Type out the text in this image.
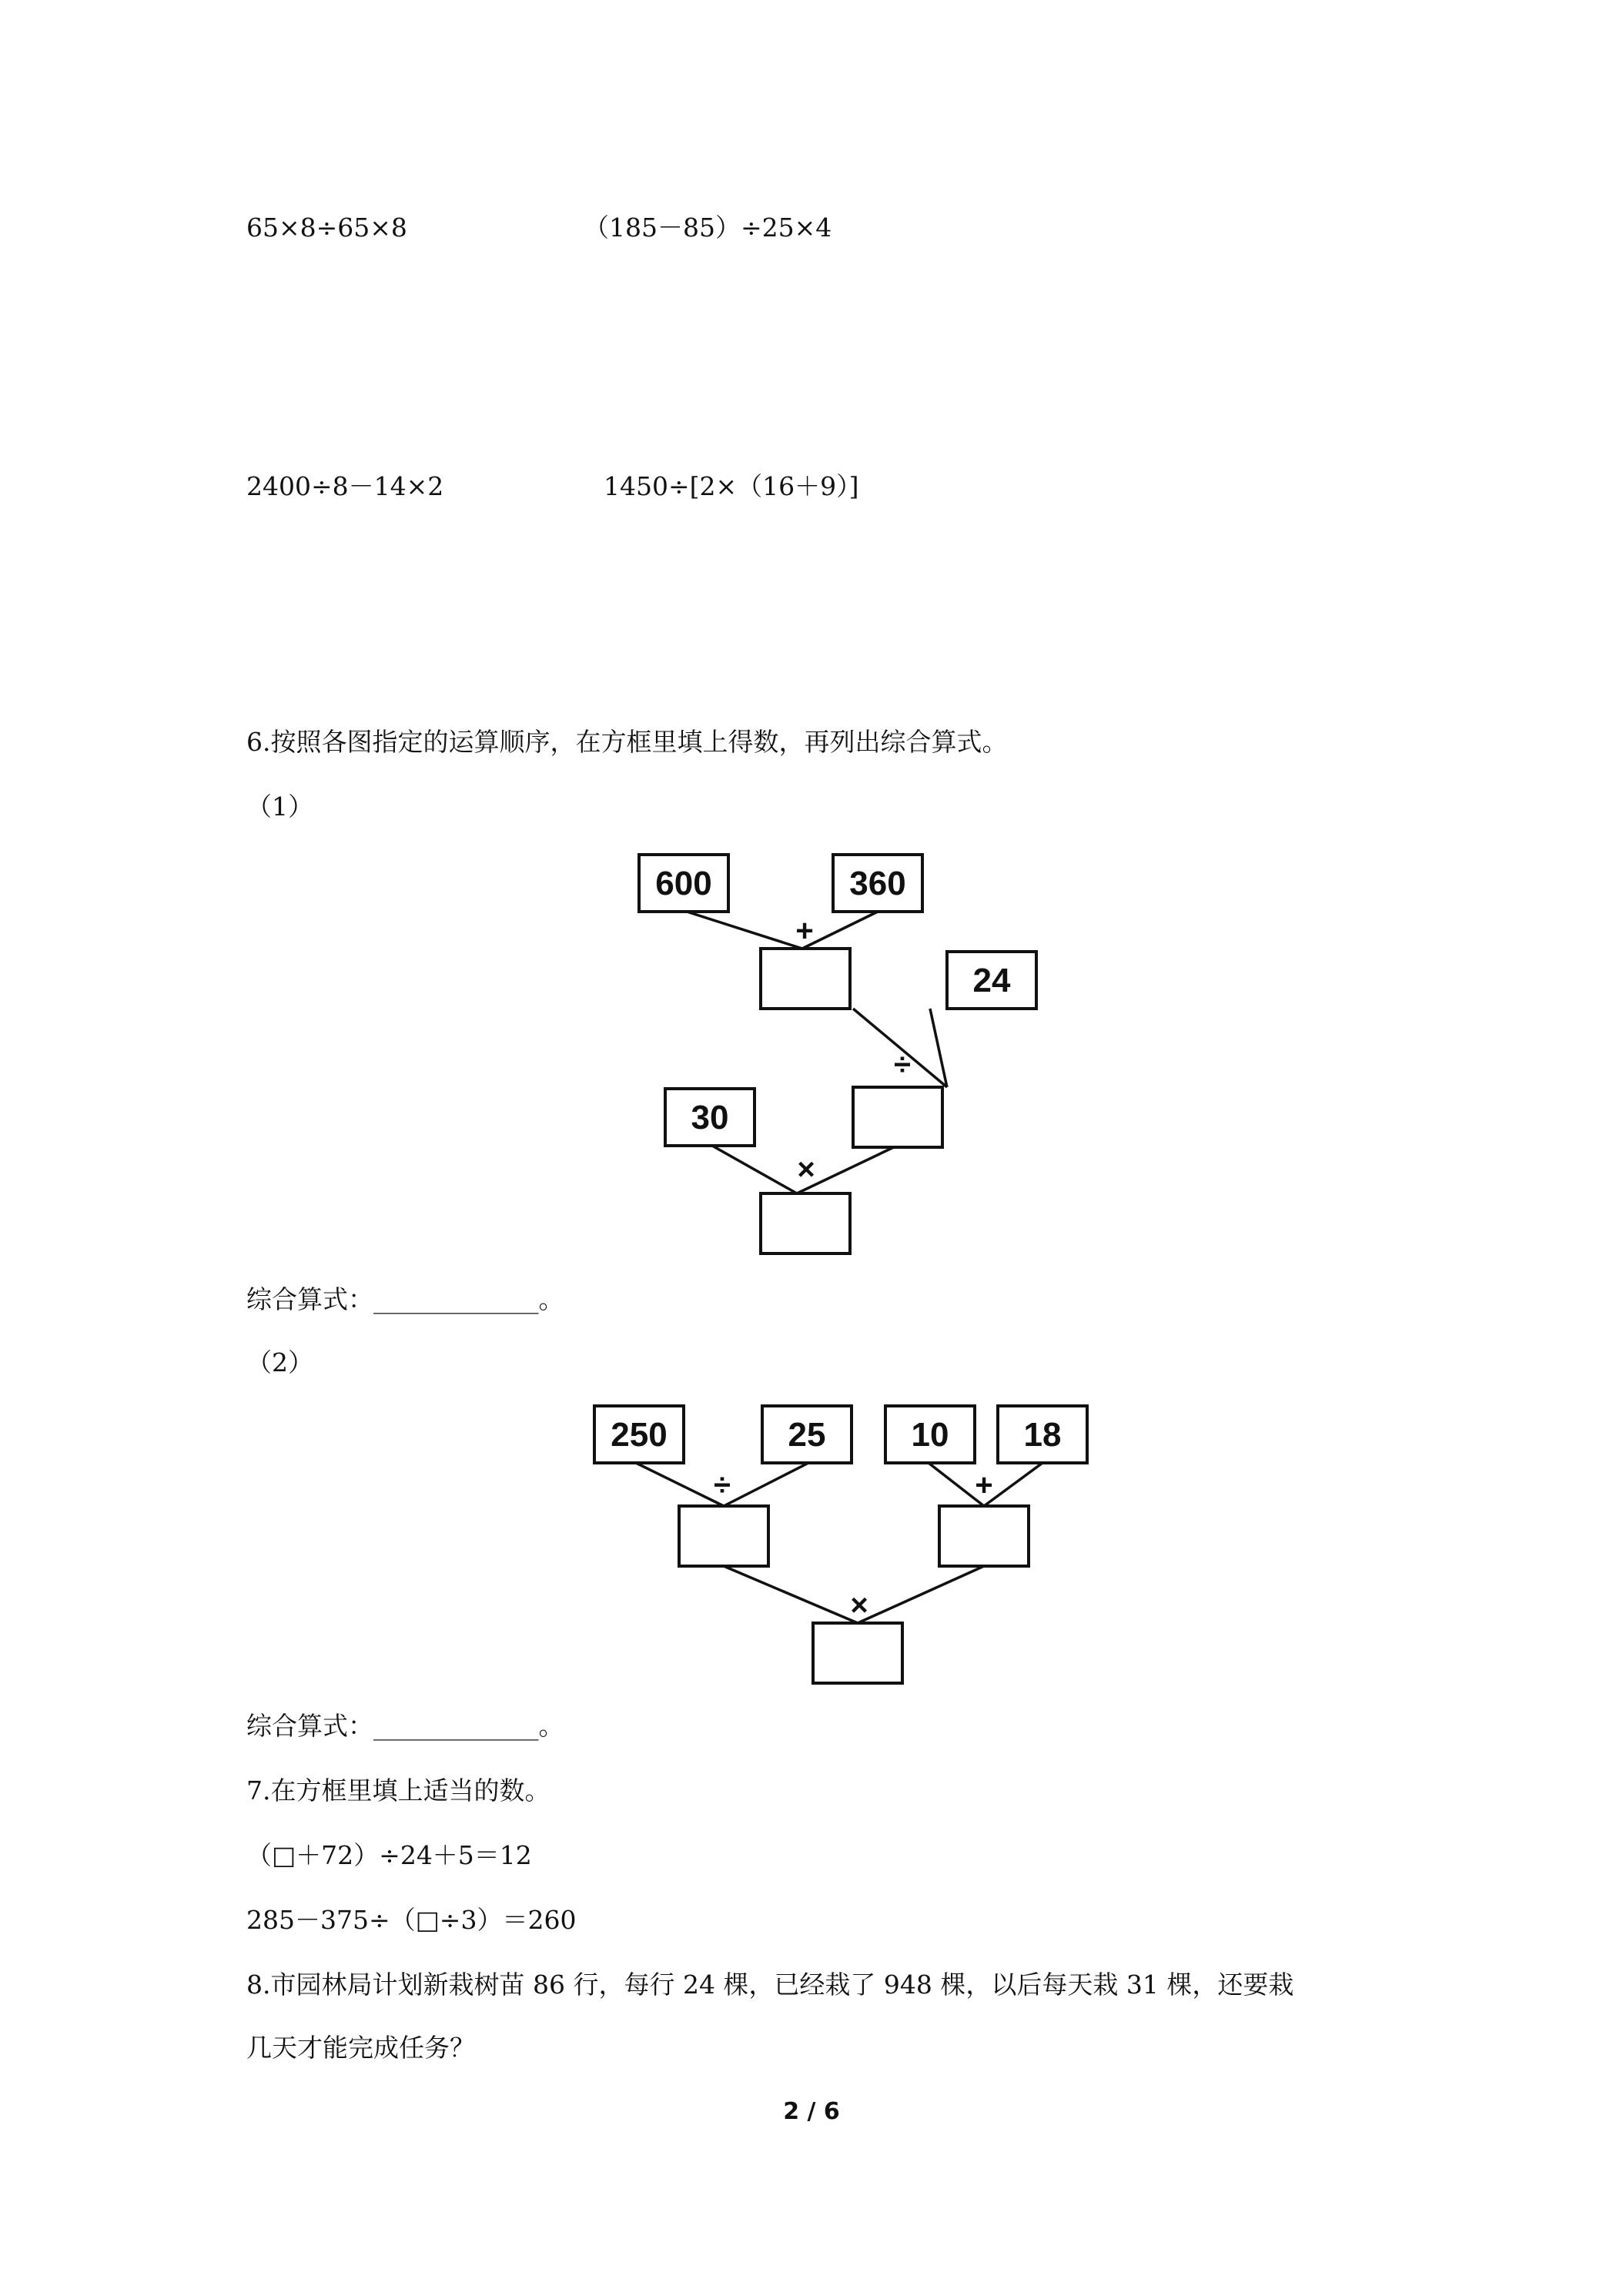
65×8÷65×8	（185－85）÷25×4
2400÷8－14×2	1450÷[2×（16＋9）]
6.按照各图指定的运算顺序，在方框里填上得数，再列出综合算式。
（1）
+
÷
×
600	360
24
30
综合算式：_____________。
（2）
÷	+
×
250	25	10 18
综合算式：_____________。
7.在方框里填上适当的数。
（□＋72）÷24＋5＝12
285－375÷（□÷3）＝260
8.市园林局计划新栽树苗 86 行，每行 24 棵，已经栽了 948 棵，以后每天栽 31 棵，还要栽
几天才能完成任务？
2 / 6
